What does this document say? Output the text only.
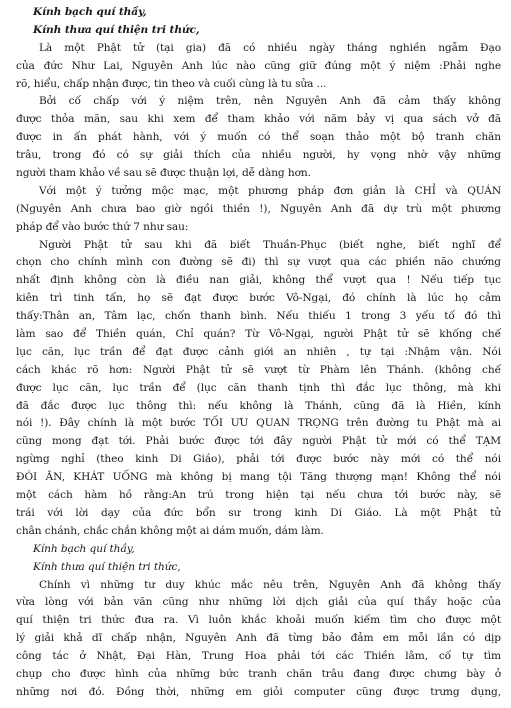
Kính bạch quí thầy,
Kính thưa quí thiện tri thức,
Là một Phật tử (tại gia) đã có nhiều ngày tháng nghiền ngẫm Đạo
của đức Như Lai, Nguyên Anh lúc nào cũng giữ đúng một ý niệm :Phải nghe
rõ, hiểu, chấp nhận được, tin theo và cuối cùng là tu sửa ...
Bởi cố chấp với ý niệm trên, nên Nguyên Anh đã cảm thấy không
được thỏa mãn, sau khi xem để tham khảo với năm bảy vị qua sách vở đã
được in ấn phát hành, với ý muốn có thể soạn thảo một bộ tranh chăn
trâu, trong đó có sự giải thích của nhiều người, hy vọng nhờ vậy những
người tham khảo về sau sẽ được thuận lợi, dễ dàng hơn.
Với một ý tưởng mộc mạc, một phương pháp đơn giản là CHỈ và QUÁN
(Nguyên Anh chưa bao giờ ngồi thiền !), Nguyên Anh đã dự trù một phương
pháp để vào bước thứ 7 như sau:
Người Phật tử sau khi đã biết Thuần-Phục (biết nghe, biết nghĩ để
chọn cho chính mình con đường sẽ đi) thì sự vượt qua các phiền não chướng
nhất định không còn là điều nan giải, không thể vượt qua ! Nếu tiếp tục
kiên trì tinh tấn, họ sẽ đạt được bước Vô-Ngại, đó chính là lúc họ cảm
thấy:Thân an, Tâm lạc, chốn thanh bình. Nếu thiếu 1 trong 3 yếu tố đó thì
làm sao để Thiền quán, Chỉ quán? Từ Vô-Ngại, người Phật tử sẽ khống chế
lục căn, lục trần để đạt được cảnh giới an nhiên , tự tại :Nhậm vận. Nói
cách khác rõ hơn: Người Phật tử sẽ vượt từ Phàm lên Thánh. (không chế
được lục căn, lục trần để (lục căn thanh tịnh thì đắc lục thông, mà khi
đã đắc được lục thông thì: nếu không là Thánh, cũng đã là Hiền, kính
nói !). Đây chính là một bước TỐI ƯU QUAN TRỌNG trên đường tu Phật mà ai
cũng mong đạt tới. Phải bước được tới đây người Phật tử mới có thể TẠM
ngừng nghỉ (theo kinh Di Giáo), phải tới được bước này mới có thể nói
ĐÓI ĂN, KHÁT UỐNG mà không bị mang tội Tăng thượng mạn! Không thể nói
một cách hàm hồ rằng:An trú trong hiện tại nếu chưa tới bước này, sẽ
trái với lời dạy của đức bổn sư trong kinh Di Giáo. Là một Phật tử
chân chánh, chắc chắn không một ai dám muốn, dám làm.
Kính bạch quí thầy,
Kính thưa quí thiện tri thức,
Chính vì những tư duy khúc mắc nêu trên, Nguyên Anh đã không thấy
vừa lòng với bản văn cũng như những lời dịch giải của quí thầy hoặc của
quí thiện tri thức đưa ra. Vì luôn khắc khoải muốn kiếm tìm cho được một
lý giải khả dĩ chấp nhận, Nguyên Anh đã từng bảo đảm em mỗi lần có dịp
công tác ở Nhật, Đại Hàn, Trung Hoa phải tới các Thiền lâm, cố tự tìm
chụp cho được hình của những bức tranh chăn trâu đang được chưng bày ở
những nơi đó. Đồng thời, những em giỏi computer cũng được trưng dụng,
